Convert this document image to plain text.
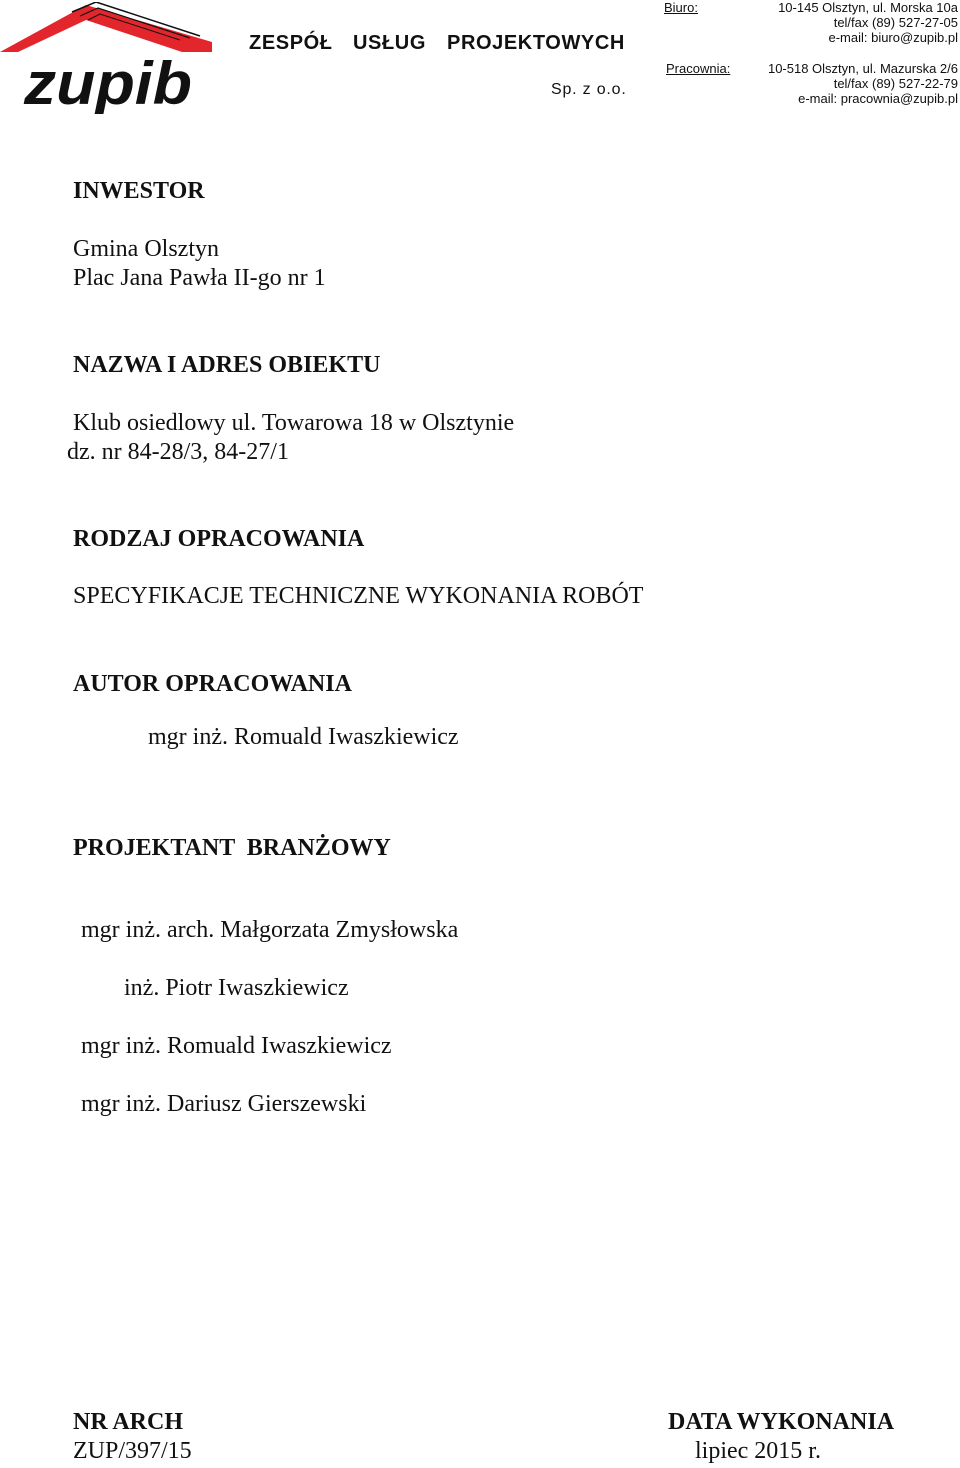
zupib
ZESPÓŁ USŁUG PROJEKTOWYCH
Sp. z o.o.
Biuro:	10-145 Olsztyn, ul. Morska 10a
tel/fax (89) 527-27-05
e-mail: biuro@zupib.pl
Pracownia:	10-518 Olsztyn, ul. Mazurska 2/6
tel/fax (89) 527-22-79
e-mail: pracownia@zupib.pl
INWESTOR
Gmina Olsztyn
Plac Jana Pawła II-go nr 1
NAZWA I ADRES OBIEKTU
Klub osiedlowy ul. Towarowa 18 w Olsztynie
dz. nr 84-28/3, 84-27/1
RODZAJ OPRACOWANIA
SPECYFIKACJE TECHNICZNE WYKONANIA ROBÓT
AUTOR OPRACOWANIA
mgr inż. Romuald Iwaszkiewicz
PROJEKTANT  BRANŻOWY
mgr inż. arch. Małgorzata Zmysłowska
inż. Piotr Iwaszkiewicz
mgr inż. Romuald Iwaszkiewicz
mgr inż. Dariusz Gierszewski
NR ARCH
ZUP/397/15
DATA WYKONANIA
lipiec 2015 r.
